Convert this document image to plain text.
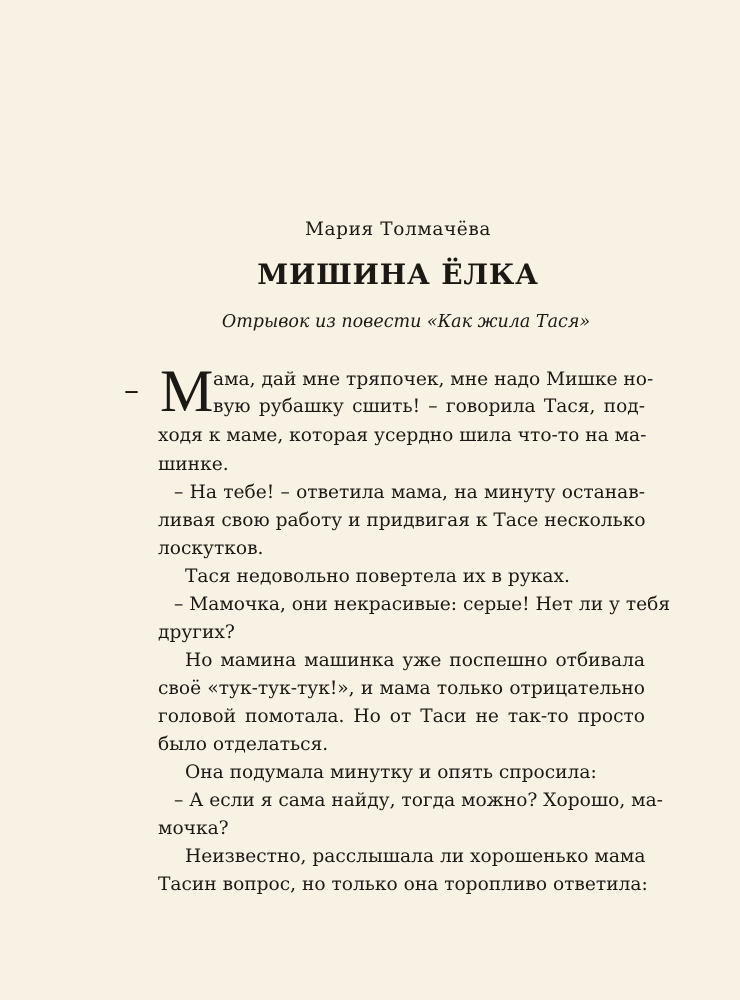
Мария Толмачёва
МИШИНА ЁЛКА
Отрывок из повести «Как жила Тася»
– М ама, дай мне тряпочек, мне надо Мишке но-
вую рубашку сшить! – говорила Тася, под-
ходя к маме, которая усердно шила что-то на ма-
шинке.
– На тебе! – ответила мама, на минуту останав-
ливая свою работу и придвигая к Тасе несколько
лоскутков.
Тася недовольно повертела их в руках.
– Мамочка, они некрасивые: серые! Нет ли у тебя
других?
Но мамина машинка уже поспешно отбивала
своё «тук-тук-тук!», и мама только отрицательно
головой помотала. Но от Таси не так-то просто
было отделаться.
Она подумала минутку и опять спросила:
– А если я сама найду, тогда можно? Хорошо, ма-
мочка?
Неизвестно, расслышала ли хорошенько мама
Тасин вопрос, но только она торопливо ответила:
